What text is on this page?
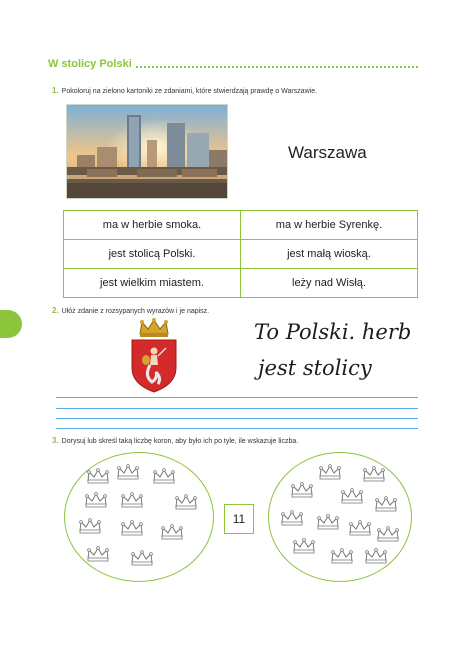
W stolicy Polski
1. Pokoloruj na zielono kartoniki ze zdaniami, które stwierdzają prawdę o Warszawie.
Warszawa
ma w herbie smoka.	ma w herbie Syrenkę.
jest stolicą Polski.	jest małą wioską.
jest wielkim miastem.	leży nad Wisłą.
2. Ułóż zdanie z rozsypanych wyrazów i je napisz.
To Polski. herb
jest stolicy
3. Dorysuj lub skreśl taką liczbę koron, aby było ich po tyle, ile wskazuje liczba.
11
